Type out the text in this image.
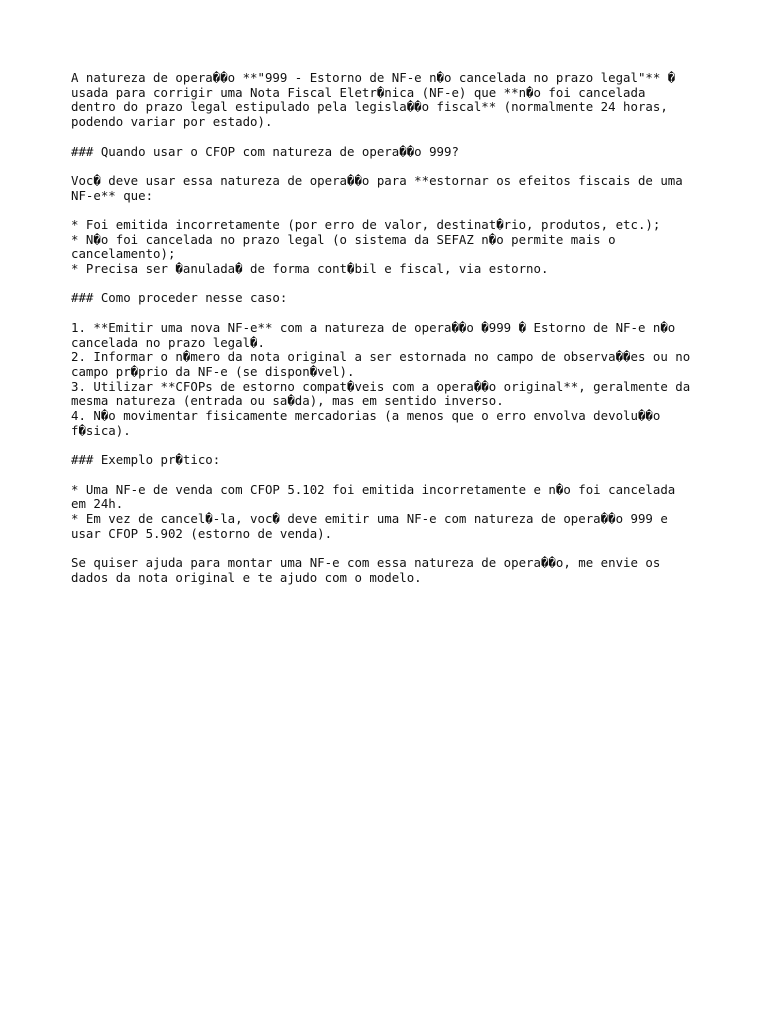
A natureza de opera��o **"999 - Estorno de NF-e n�o cancelada no prazo legal"** �
usada para corrigir uma Nota Fiscal Eletr�nica (NF-e) que **n�o foi cancelada
dentro do prazo legal estipulado pela legisla��o fiscal** (normalmente 24 horas,
podendo variar por estado).

### Quando usar o CFOP com natureza de opera��o 999?

Voc� deve usar essa natureza de opera��o para **estornar os efeitos fiscais de uma
NF-e** que:

* Foi emitida incorretamente (por erro de valor, destinat�rio, produtos, etc.);
* N�o foi cancelada no prazo legal (o sistema da SEFAZ n�o permite mais o
cancelamento);
* Precisa ser �anulada� de forma cont�bil e fiscal, via estorno.

### Como proceder nesse caso:

1. **Emitir uma nova NF-e** com a natureza de opera��o �999 � Estorno de NF-e n�o
cancelada no prazo legal�.
2. Informar o n�mero da nota original a ser estornada no campo de observa��es ou no
campo pr�prio da NF-e (se dispon�vel).
3. Utilizar **CFOPs de estorno compat�veis com a opera��o original**, geralmente da
mesma natureza (entrada ou sa�da), mas em sentido inverso.
4. N�o movimentar fisicamente mercadorias (a menos que o erro envolva devolu��o
f�sica).

### Exemplo pr�tico:

* Uma NF-e de venda com CFOP 5.102 foi emitida incorretamente e n�o foi cancelada
em 24h.
* Em vez de cancel�-la, voc� deve emitir uma NF-e com natureza de opera��o 999 e
usar CFOP 5.902 (estorno de venda).

Se quiser ajuda para montar uma NF-e com essa natureza de opera��o, me envie os
dados da nota original e te ajudo com o modelo.
